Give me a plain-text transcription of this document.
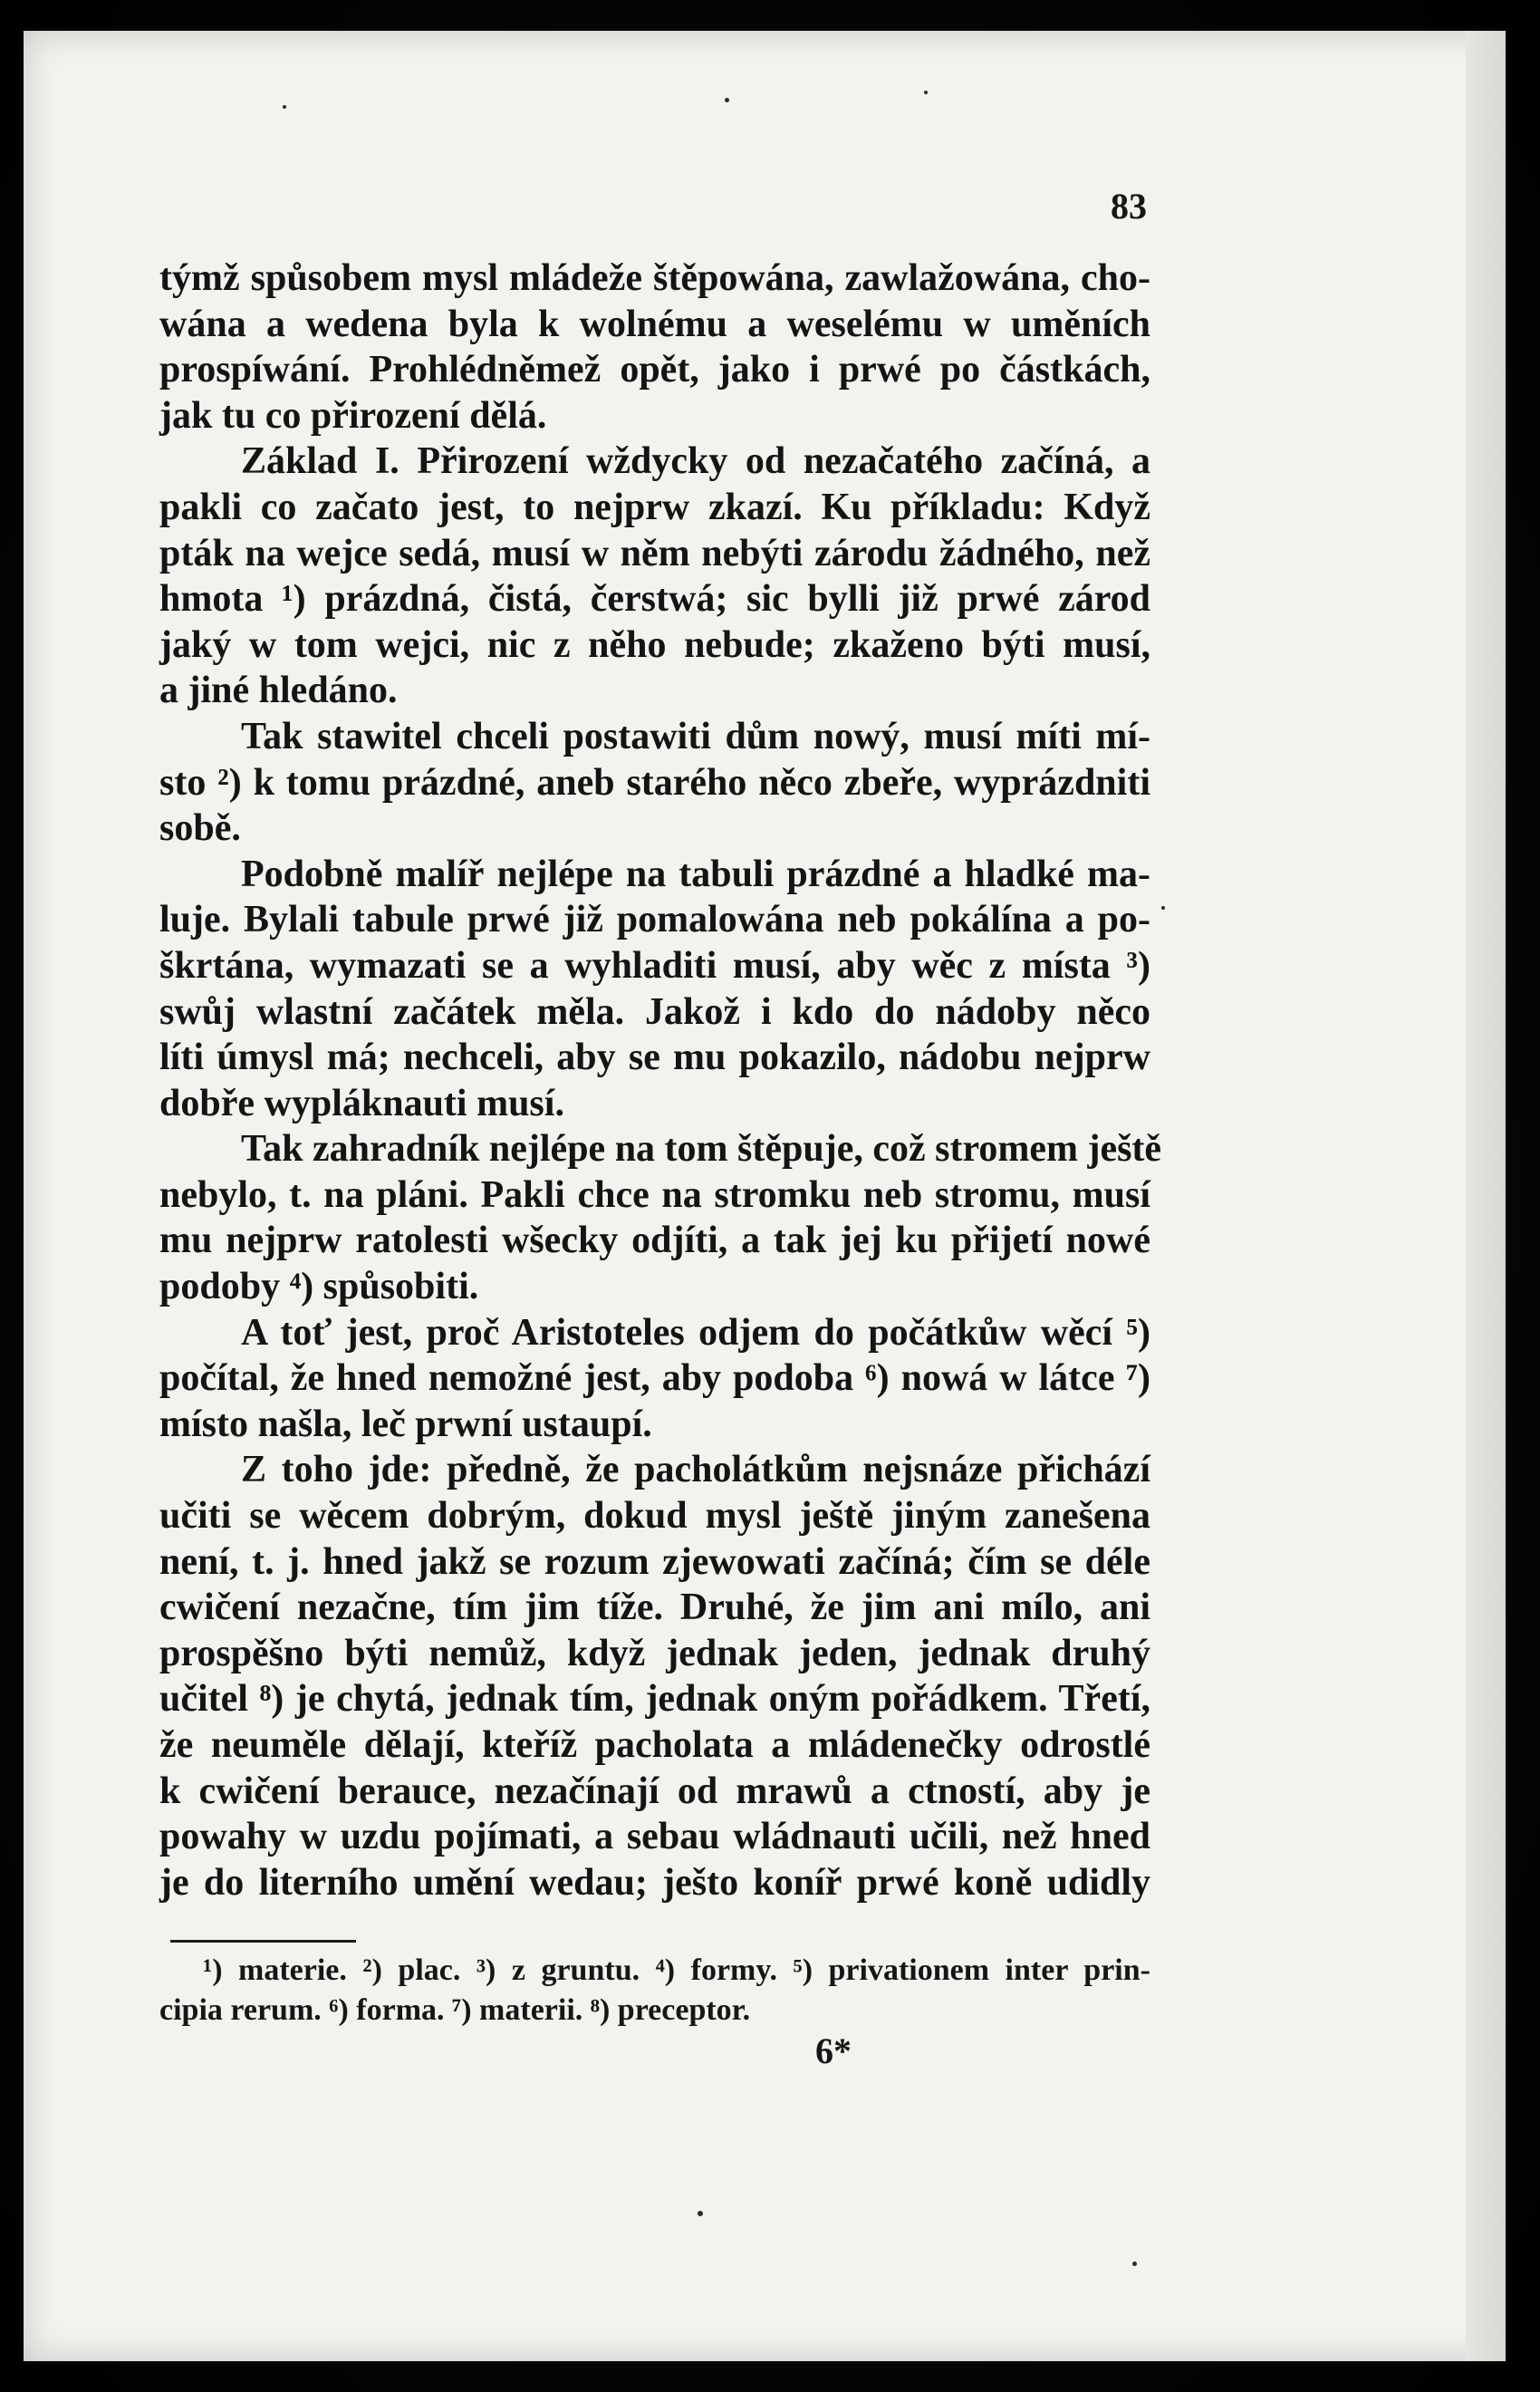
83
týmž spůsobem mysl mládeže štěpowána, zawlažowána, cho-
wána a wedena byla k wolnému a weselému w uměních
prospíwání. Prohlédněmež opět, jako i prwé po částkách,
jak tu co přirození dělá.
Základ I. Přirození wždycky od nezačatého začíná, a
pakli co začato jest, to nejprw zkazí. Ku příkladu: Když
pták na wejce sedá, musí w něm nebýti zárodu žádného, než
hmota ¹) prázdná, čistá, čerstwá; sic bylli již prwé zárod
jaký w tom wejci, nic z něho nebude; zkaženo býti musí,
a jiné hledáno.
Tak stawitel chceli postawiti dům nowý, musí míti mí-
sto ²) k tomu prázdné, aneb starého něco zbeře, wyprázdniti
sobě.
Podobně malíř nejlépe na tabuli prázdné a hladké ma-
luje. Bylali tabule prwé již pomalowána neb pokálína a po-
škrtána, wymazati se a wyhladiti musí, aby wěc z místa ³)
swůj wlastní začátek měla. Jakož i kdo do nádoby něco
líti úmysl má; nechceli, aby se mu pokazilo, nádobu nejprw
dobře wypláknauti musí.
Tak zahradník nejlépe na tom štěpuje, což stromem ještě
nebylo, t. na pláni. Pakli chce na stromku neb stromu, musí
mu nejprw ratolesti wšecky odjíti, a tak jej ku přijetí nowé
podoby ⁴) spůsobiti.
A toť jest, proč Aristoteles odjem do počátkůw wěcí ⁵)
počítal, že hned nemožné jest, aby podoba ⁶) nowá w látce ⁷)
místo našla, leč prwní ustaupí.
Z toho jde: předně, že pacholátkům nejsnáze přichází
učiti se wěcem dobrým, dokud mysl ještě jiným zanešena
není, t. j. hned jakž se rozum zjewowati začíná; čím se déle
cwičení nezačne, tím jim tíže. Druhé, že jim ani mílo, ani
prospěšno býti nemůž, když jednak jeden, jednak druhý
učitel ⁸) je chytá, jednak tím, jednak oným pořádkem. Třetí,
že neuměle dělají, kteříž pacholata a mládenečky odrostlé
k cwičení berauce, nezačínají od mrawů a ctností, aby je
powahy w uzdu pojímati, a sebau wládnauti učili, než hned
je do literního umění wedau; ješto koníř prwé koně udidly
¹) materie. ²) plac. ³) z gruntu. ⁴) formy. ⁵) privationem inter prin-
cipia rerum. ⁶) forma. ⁷) materii. ⁸) preceptor.
6*
